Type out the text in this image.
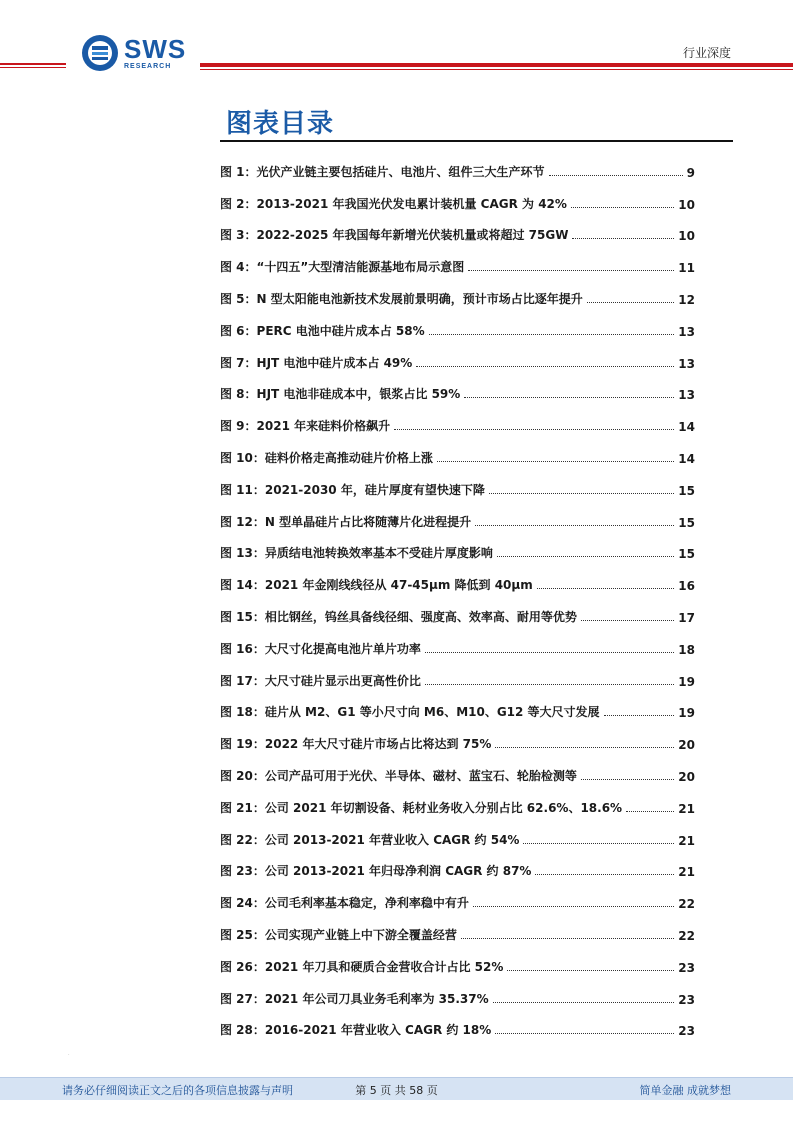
SWS
RESEARCH
行业深度
图表目录
图 1：光伏产业链主要包括硅片、电池片、组件三大生产环节	9
图 2：2013-2021 年我国光伏发电累计装机量 CAGR 为 42%	10
图 3：2022-2025 年我国每年新增光伏装机量或将超过 75GW	10
图 4：“十四五”大型清洁能源基地布局示意图	11
图 5：N 型太阳能电池新技术发展前景明确，预计市场占比逐年提升	12
图 6：PERC 电池中硅片成本占 58%	13
图 7：HJT 电池中硅片成本占 49%	13
图 8：HJT 电池非硅成本中，银浆占比 59%	13
图 9：2021 年来硅料价格飙升	14
图 10：硅料价格走高推动硅片价格上涨	14
图 11：2021-2030 年，硅片厚度有望快速下降	15
图 12：N 型单晶硅片占比将随薄片化进程提升	15
图 13：异质结电池转换效率基本不受硅片厚度影响	15
图 14：2021 年金刚线线径从 47-45μm 降低到 40μm	16
图 15：相比钢丝，钨丝具备线径细、强度高、效率高、耐用等优势	17
图 16：大尺寸化提高电池片单片功率	18
图 17：大尺寸硅片显示出更高性价比	19
图 18：硅片从 M2、G1 等小尺寸向 M6、M10、G12 等大尺寸发展	19
图 19：2022 年大尺寸硅片市场占比将达到 75%	20
图 20：公司产品可用于光伏、半导体、磁材、蓝宝石、轮胎检测等	20
图 21：公司 2021 年切割设备、耗材业务收入分别占比 62.6%、18.6%	21
图 22：公司 2013-2021 年营业收入 CAGR 约 54%	21
图 23：公司 2013-2021 年归母净利润 CAGR 约 87%	21
图 24：公司毛利率基本稳定，净利率稳中有升	22
图 25：公司实现产业链上中下游全覆盖经营	22
图 26：2021 年刀具和硬质合金营收合计占比 52%	23
图 27：2021 年公司刀具业务毛利率为 35.37%	23
图 28：2016-2021 年营业收入 CAGR 约 18%	23
·
请务必仔细阅读正文之后的各项信息披露与声明	第 5 页 共 58 页	简单金融 成就梦想
